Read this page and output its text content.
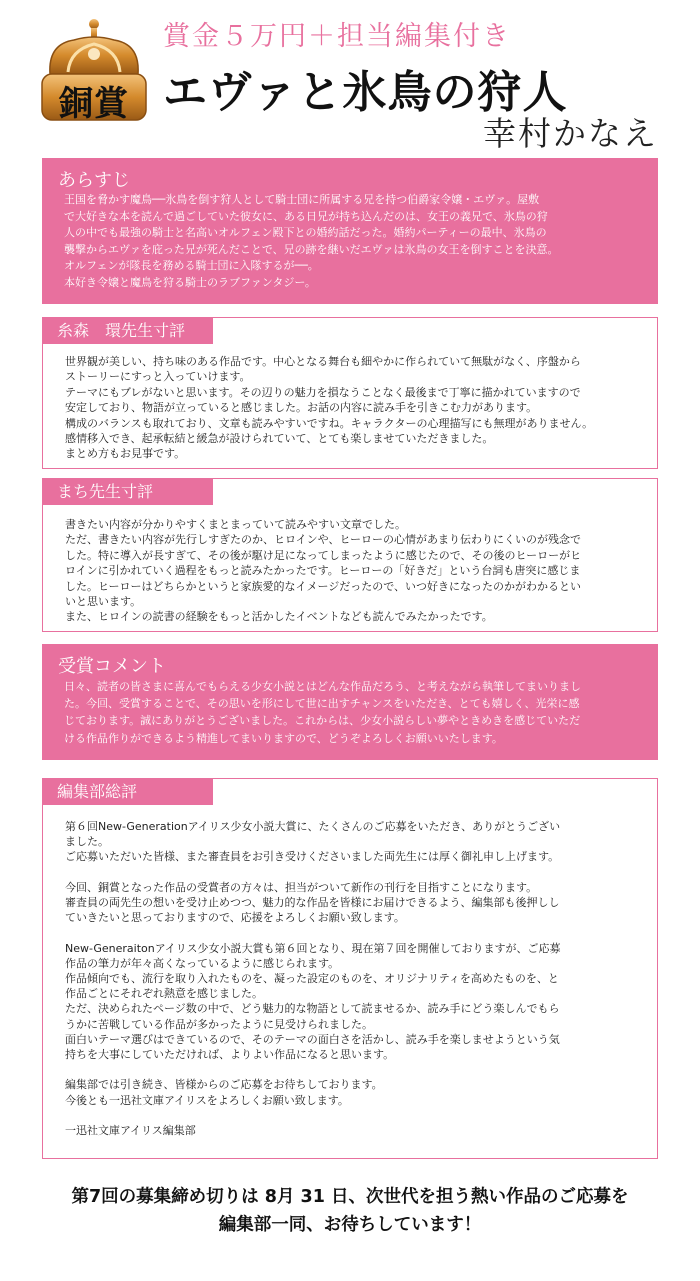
銅賞
賞金５万円＋担当編集付き
エヴァと氷鳥の狩人
幸村かなえ
あらすじ
王国を脅かす魔鳥──氷鳥を倒す狩人として騎士団に所属する兄を持つ伯爵家令嬢・エヴァ。屋敷
で大好きな本を読んで過ごしていた彼女に、ある日兄が持ち込んだのは、女王の義兄で、氷鳥の狩
人の中でも最強の騎士と名高いオルフェン殿下との婚約話だった。婚約パーティーの最中、氷鳥の
襲撃からエヴァを庇った兄が死んだことで、兄の跡を継いだエヴァは氷鳥の女王を倒すことを決意。
オルフェンが隊長を務める騎士団に入隊するが──。
本好き令嬢と魔鳥を狩る騎士のラブファンタジー。
糸森　環先生寸評
世界観が美しい、持ち味のある作品です。中心となる舞台も細やかに作られていて無駄がなく、序盤から
ストーリーにすっと入っていけます。
テーマにもブレがないと思います。その辺りの魅力を損なうことなく最後まで丁寧に描かれていますので
安定しており、物語が立っていると感じました。お話の内容に読み手を引きこむ力があります。
構成のバランスも取れており、文章も読みやすいですね。キャラクターの心理描写にも無理がありません。
感情移入でき、起承転結と緩急が設けられていて、とても楽しませていただきました。
まとめ方もお見事です。
まち先生寸評
書きたい内容が分かりやすくまとまっていて読みやすい文章でした。
ただ、書きたい内容が先行しすぎたのか、ヒロインや、ヒーローの心情があまり伝わりにくいのが残念で
した。特に導入が長すぎて、その後が駆け足になってしまったように感じたので、その後のヒーローがヒ
ロインに引かれていく過程をもっと読みたかったです。ヒーローの「好きだ」という台詞も唐突に感じま
した。ヒーローはどちらかというと家族愛的なイメージだったので、いつ好きになったのかがわかるとい
いと思います。
また、ヒロインの読書の経験をもっと活かしたイベントなども読んでみたかったです。
受賞コメント
日々、読者の皆さまに喜んでもらえる少女小説とはどんな作品だろう、と考えながら執筆してまいりまし
た。今回、受賞することで、その思いを形にして世に出すチャンスをいただき、とても嬉しく、光栄に感
じております。誠にありがとうございました。これからは、少女小説らしい夢やときめきを感じていただ
ける作品作りができるよう精進してまいりますので、どうぞよろしくお願いいたします。
編集部総評
第６回New-Generationアイリス少女小説大賞に、たくさんのご応募をいただき、ありがとうござい
ました。
ご応募いただいた皆様、また審査員をお引き受けくださいました両先生には厚く御礼申し上げます。

今回、銅賞となった作品の受賞者の方々は、担当がついて新作の刊行を目指すことになります。
審査員の両先生の想いを受け止めつつ、魅力的な作品を皆様にお届けできるよう、編集部も後押しし
ていきたいと思っておりますので、応援をよろしくお願い致します。

New-Generaitonアイリス少女小説大賞も第６回となり、現在第７回を開催しておりますが、ご応募
作品の筆力が年々高くなっているように感じられます。
作品傾向でも、流行を取り入れたものを、凝った設定のものを、オリジナリティを高めたものを、と
作品ごとにそれぞれ熱意を感じました。
ただ、決められたページ数の中で、どう魅力的な物語として読ませるか、読み手にどう楽しんでもら
うかに苦戦している作品が多かったように見受けられました。
面白いテーマ選びはできているので、そのテーマの面白さを活かし、読み手を楽しませようという気
持ちを大事にしていただければ、よりよい作品になると思います。

編集部では引き続き、皆様からのご応募をお待ちしております。
今後とも一迅社文庫アイリスをよろしくお願い致します。

一迅社文庫アイリス編集部
第7回の募集締め切りは 8月 31 日、次世代を担う熱い作品のご応募を
編集部一同、お待ちしています！
